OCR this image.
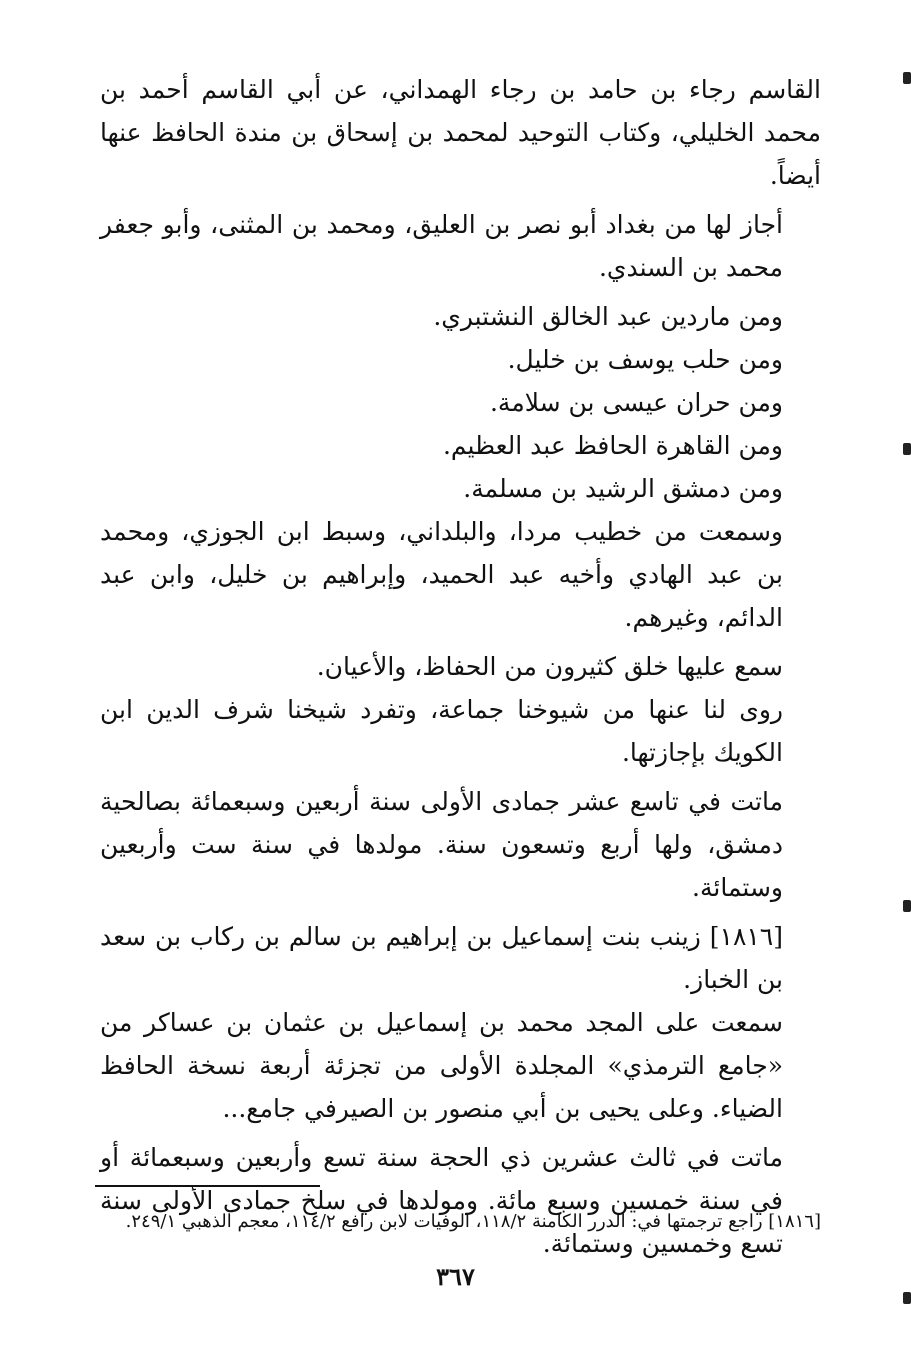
القاسم رجاء بن حامد بن رجاء الهمداني، عن أبي القاسم أحمد بن محمد الخليلي، وكتاب التوحيد لمحمد بن إسحاق بن مندة الحافظ عنها أيضاً.

أجاز لها من بغداد أبو نصر بن العليق، ومحمد بن المثنى، وأبو جعفر محمد بن السندي.

ومن ماردين عبد الخالق النشتبري.

ومن حلب يوسف بن خليل.

ومن حران عيسى بن سلامة.

ومن القاهرة الحافظ عبد العظيم.

ومن دمشق الرشيد بن مسلمة.

وسمعت من خطيب مردا، والبلداني، وسبط ابن الجوزي، ومحمد بن عبد الهادي وأخيه عبد الحميد، وإبراهيم بن خليل، وابن عبد الدائم، وغيرهم.

سمع عليها خلق كثيرون من الحفاظ، والأعيان.

روى لنا عنها من شيوخنا جماعة، وتفرد شيخنا شرف الدين ابن الكويك بإجازتها.

ماتت في تاسع عشر جمادى الأولى سنة أربعين وسبعمائة بصالحية دمشق، ولها أربع وتسعون سنة. مولدها في سنة ست وأربعين وستمائة.

[١٨١٦] زينب بنت إسماعيل بن إبراهيم بن سالم بن ركاب بن سعد بن الخباز.

سمعت على المجد محمد بن إسماعيل بن عثمان بن عساكر من «جامع الترمذي» المجلدة الأولى من تجزئة أربعة نسخة الحافظ الضياء. وعلى يحيى بن أبي منصور بن الصيرفي جامع...

ماتت في ثالث عشرين ذي الحجة سنة تسع وأربعين وسبعمائة أو في سنة خمسين وسبع مائة. ومولدها في سلخ جمادى الأولى سنة تسع وخمسين وستمائة.

[١٨١٦] راجع ترجمتها في: الدرر الكامنة ١١٨/٢، الوفيات لابن رافع ١١٤/٢، معجم الذهبي ٢٤٩/١.
٣٦٧
